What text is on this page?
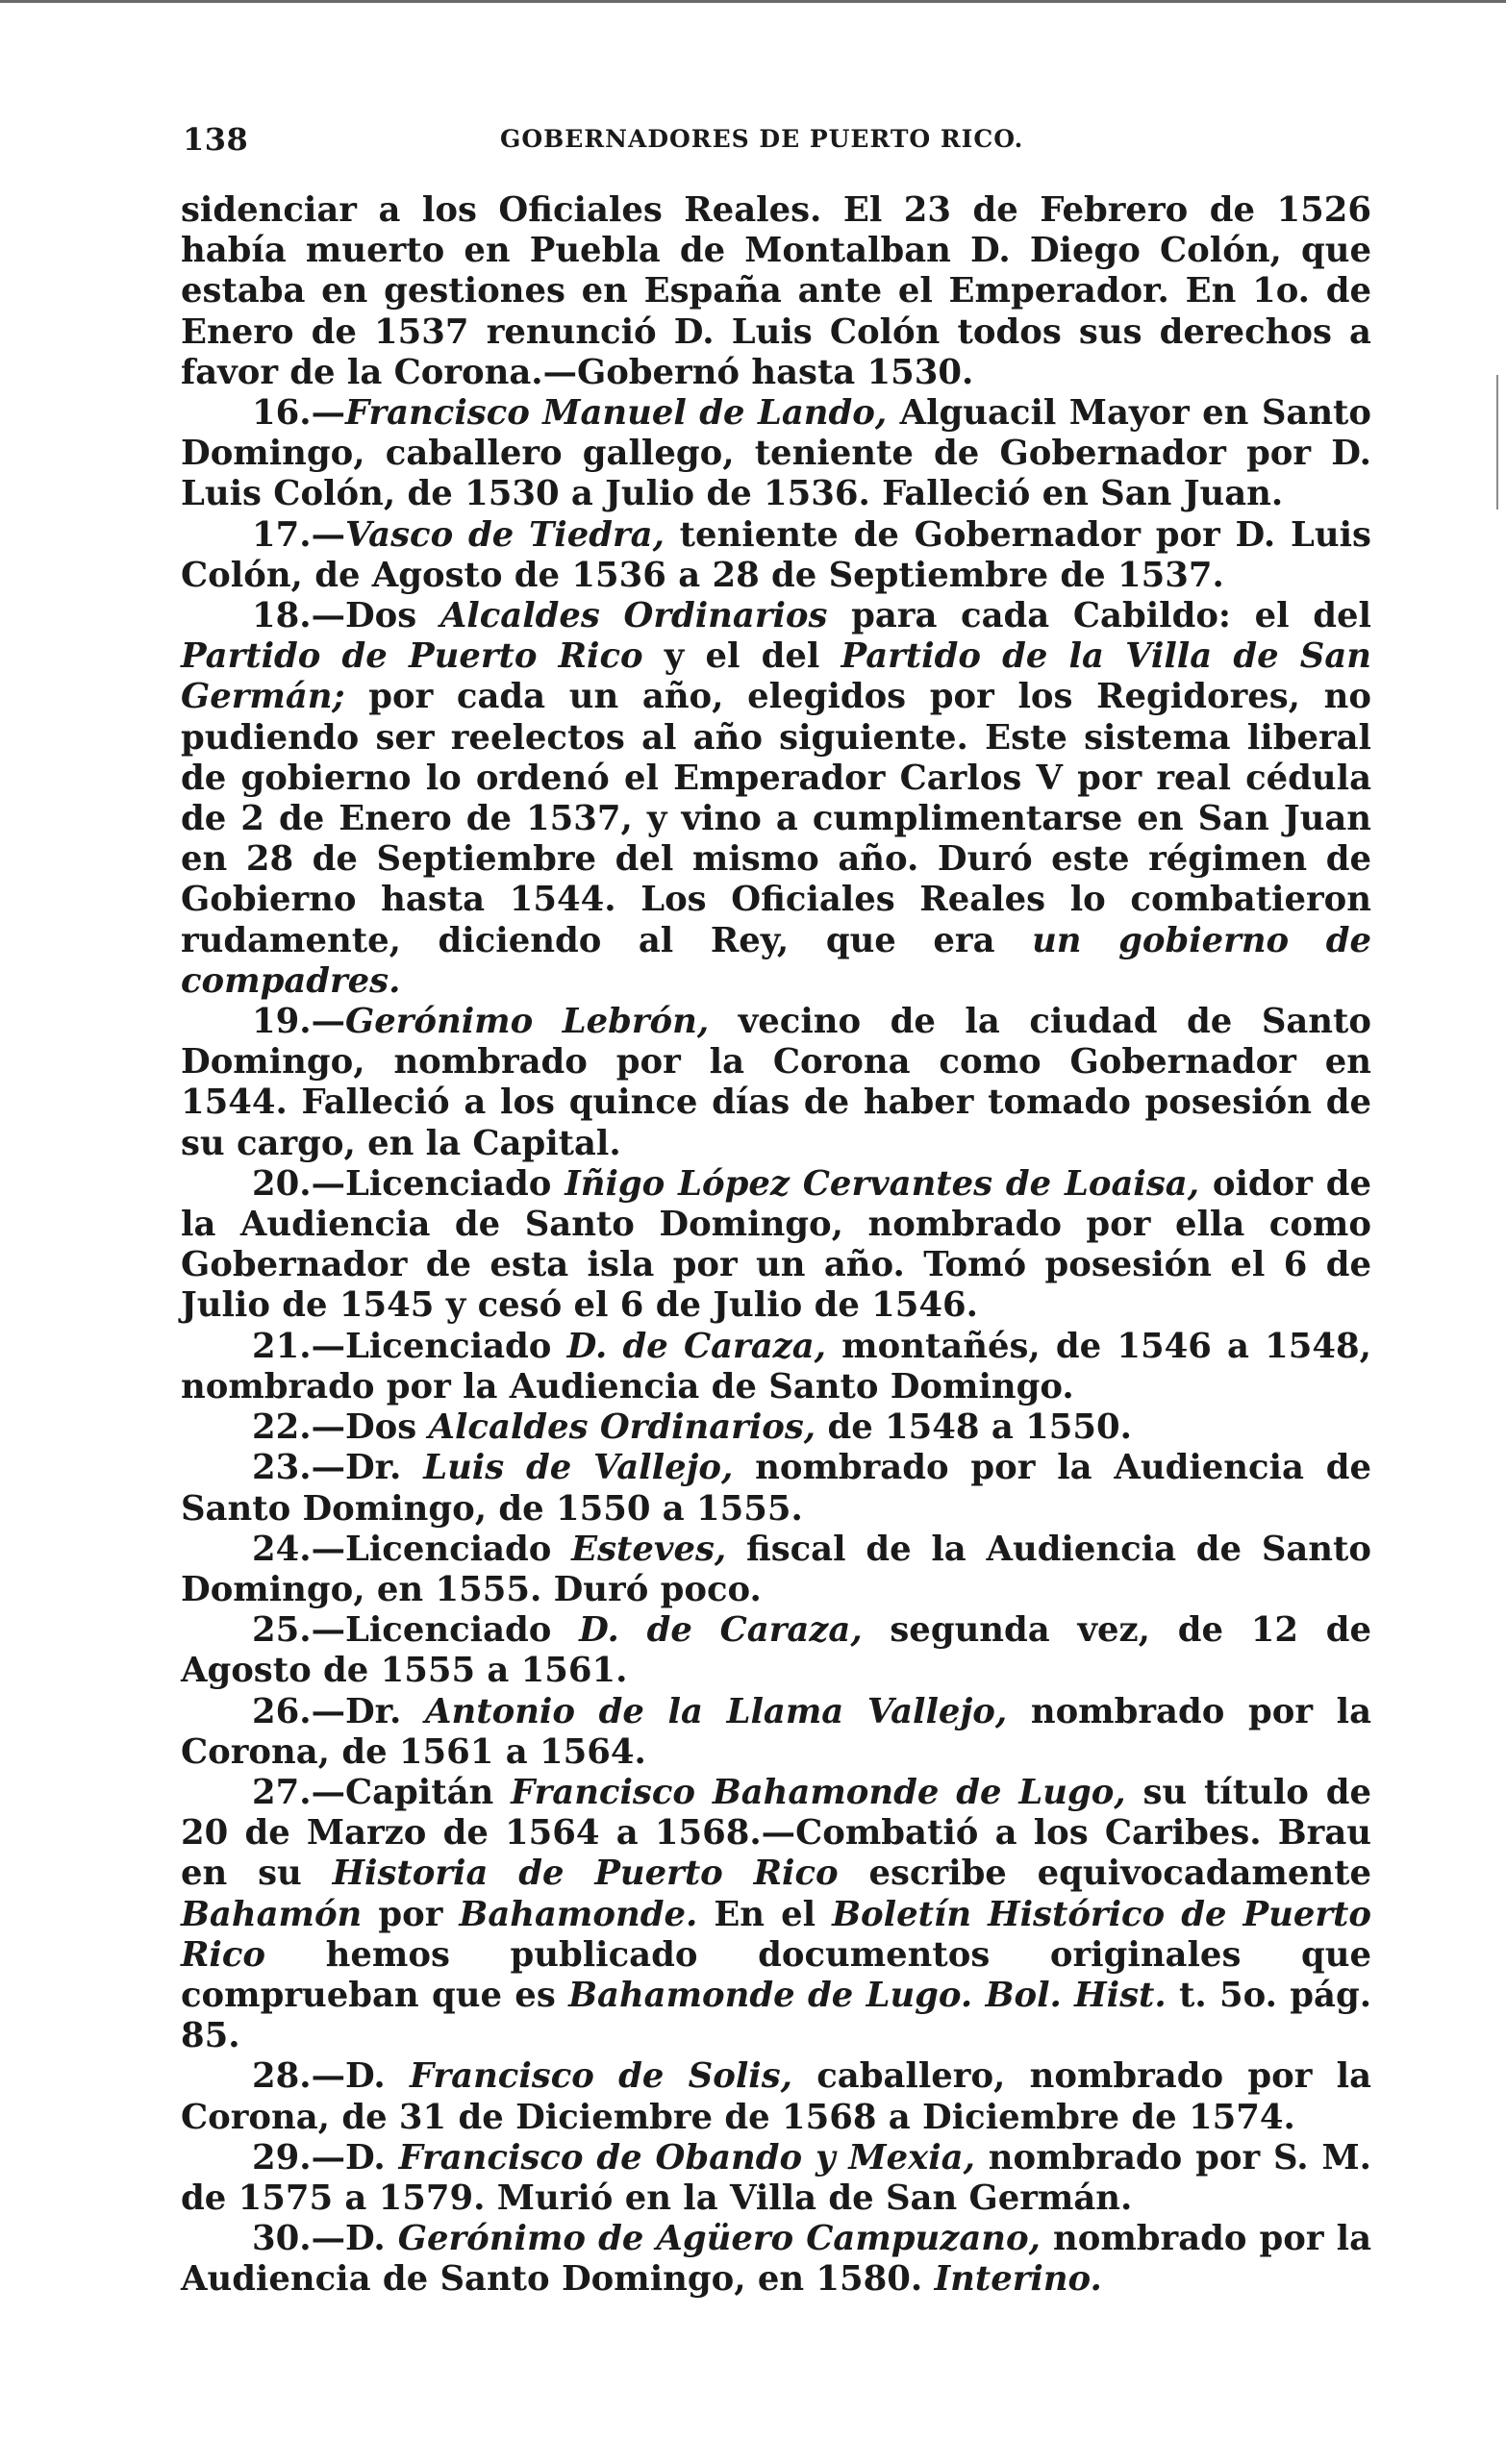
138	GOBERNADORES DE PUERTO RICO.

sidenciar a los Oficiales Reales. El 23 de Febrero de 1526 había muerto en Puebla de Montalban D. Diego Colón, que estaba en gestiones en España ante el Emperador. En 1o. de Enero de 1537 renunció D. Luis Colón todos sus derechos a favor de la Corona.—Gobernó hasta 1530.

16.—Francisco Manuel de Lando, Alguacil Mayor en Santo Domingo, caballero gallego, teniente de Gobernador por D. Luis Colón, de 1530 a Julio de 1536. Falleció en San Juan.

17.—Vasco de Tiedra, teniente de Gobernador por D. Luis Colón, de Agosto de 1536 a 28 de Septiembre de 1537.

18.—Dos Alcaldes Ordinarios para cada Cabildo: el del Partido de Puerto Rico y el del Partido de la Villa de San Germán; por cada un año, elegidos por los Regidores, no pudiendo ser reelectos al año siguiente. Este sistema liberal de gobierno lo ordenó el Emperador Carlos V por real cédula de 2 de Enero de 1537, y vino a cumplimentarse en San Juan en 28 de Septiembre del mismo año. Duró este régimen de Gobierno hasta 1544. Los Oficiales Reales lo combatieron rudamente, diciendo al Rey, que era un gobierno de compadres.

19.—Gerónimo Lebrón, vecino de la ciudad de Santo Domingo, nombrado por la Corona como Gobernador en 1544. Falleció a los quince días de haber tomado posesión de su cargo, en la Capital.

20.—Licenciado Iñigo López Cervantes de Loaisa, oidor de la Audiencia de Santo Domingo, nombrado por ella como Gobernador de esta isla por un año. Tomó posesión el 6 de Julio de 1545 y cesó el 6 de Julio de 1546.

21.—Licenciado D. de Caraza, montañés, de 1546 a 1548, nombrado por la Audiencia de Santo Domingo.

22.—Dos Alcaldes Ordinarios, de 1548 a 1550.

23.—Dr. Luis de Vallejo, nombrado por la Audiencia de Santo Domingo, de 1550 a 1555.

24.—Licenciado Esteves, fiscal de la Audiencia de Santo Domingo, en 1555. Duró poco.

25.—Licenciado D. de Caraza, segunda vez, de 12 de Agosto de 1555 a 1561.

26.—Dr. Antonio de la Llama Vallejo, nombrado por la Corona, de 1561 a 1564.

27.—Capitán Francisco Bahamonde de Lugo, su título de 20 de Marzo de 1564 a 1568.—Combatió a los Caribes. Brau en su Historia de Puerto Rico escribe equivocadamente Bahamón por Bahamonde. En el Boletín Histórico de Puerto Rico hemos publicado documentos originales que comprueban que es Bahamonde de Lugo. Bol. Hist. t. 5o. pág. 85.

28.—D. Francisco de Solis, caballero, nombrado por la Corona, de 31 de Diciembre de 1568 a Diciembre de 1574.

29.—D. Francisco de Obando y Mexia, nombrado por S. M. de 1575 a 1579. Murió en la Villa de San Germán.

30.—D. Gerónimo de Agüero Campuzano, nombrado por la Audiencia de Santo Domingo, en 1580. Interino.
